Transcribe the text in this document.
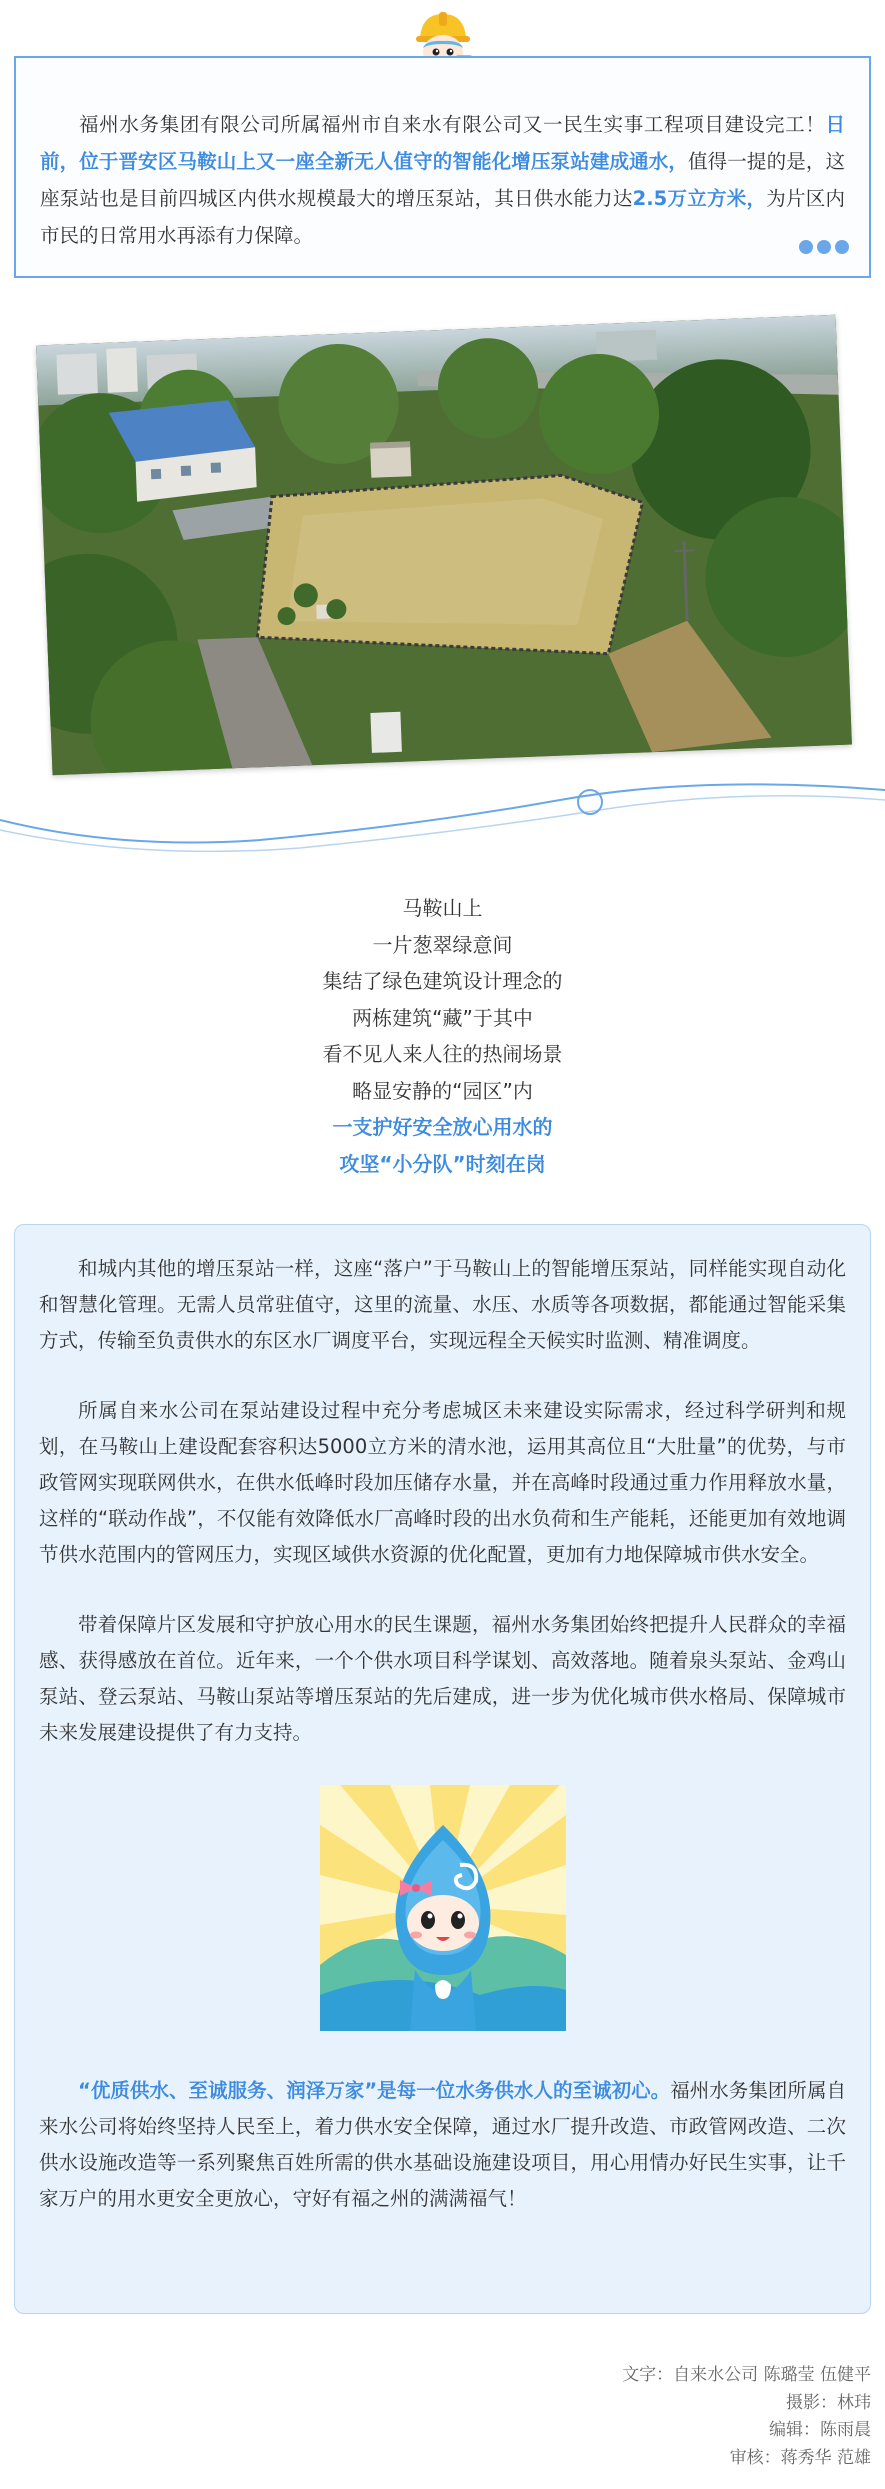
福州水务集团有限公司所属福州市自来水有限公司又一民生实事工程项目建设完工！日前，位于晋安区马鞍山上又一座全新无人值守的智能化增压泵站建成通水，值得一提的是，这座泵站也是目前四城区内供水规模最大的增压泵站，其日供水能力达2.5万立方米，为片区内市民的日常用水再添有力保障。

马鞍山上
一片葱翠绿意间
集结了绿色建筑设计理念的
两栋建筑“藏”于其中
看不见人来人往的热闹场景
略显安静的“园区”内
一支护好安全放心用水的
攻坚“小分队”时刻在岗

和城内其他的增压泵站一样，这座“落户”于马鞍山上的智能增压泵站，同样能实现自动化和智慧化管理。无需人员常驻值守，这里的流量、水压、水质等各项数据，都能通过智能采集方式，传输至负责供水的东区水厂调度平台，实现远程全天候实时监测、精准调度。

所属自来水公司在泵站建设过程中充分考虑城区未来建设实际需求，经过科学研判和规划，在马鞍山上建设配套容积达5000立方米的清水池，运用其高位且“大肚量”的优势，与市政管网实现联网供水，在供水低峰时段加压储存水量，并在高峰时段通过重力作用释放水量，这样的“联动作战”，不仅能有效降低水厂高峰时段的出水负荷和生产能耗，还能更加有效地调节供水范围内的管网压力，实现区域供水资源的优化配置，更加有力地保障城市供水安全。

带着保障片区发展和守护放心用水的民生课题，福州水务集团始终把提升人民群众的幸福感、获得感放在首位。近年来，一个个供水项目科学谋划、高效落地。随着泉头泵站、金鸡山泵站、登云泵站、马鞍山泵站等增压泵站的先后建成，进一步为优化城市供水格局、保障城市未来发展建设提供了有力支持。

“优质供水、至诚服务、润泽万家”是每一位水务供水人的至诚初心。福州水务集团所属自来水公司将始终坚持人民至上，着力供水安全保障，通过水厂提升改造、市政管网改造、二次供水设施改造等一系列聚焦百姓所需的供水基础设施建设项目，用心用情办好民生实事，让千家万户的用水更安全更放心，守好有福之州的满满福气！

文字：自来水公司 陈璐莹 伍健平
摄影：林玮
编辑：陈雨晨
审核：蒋秀华 范雄
